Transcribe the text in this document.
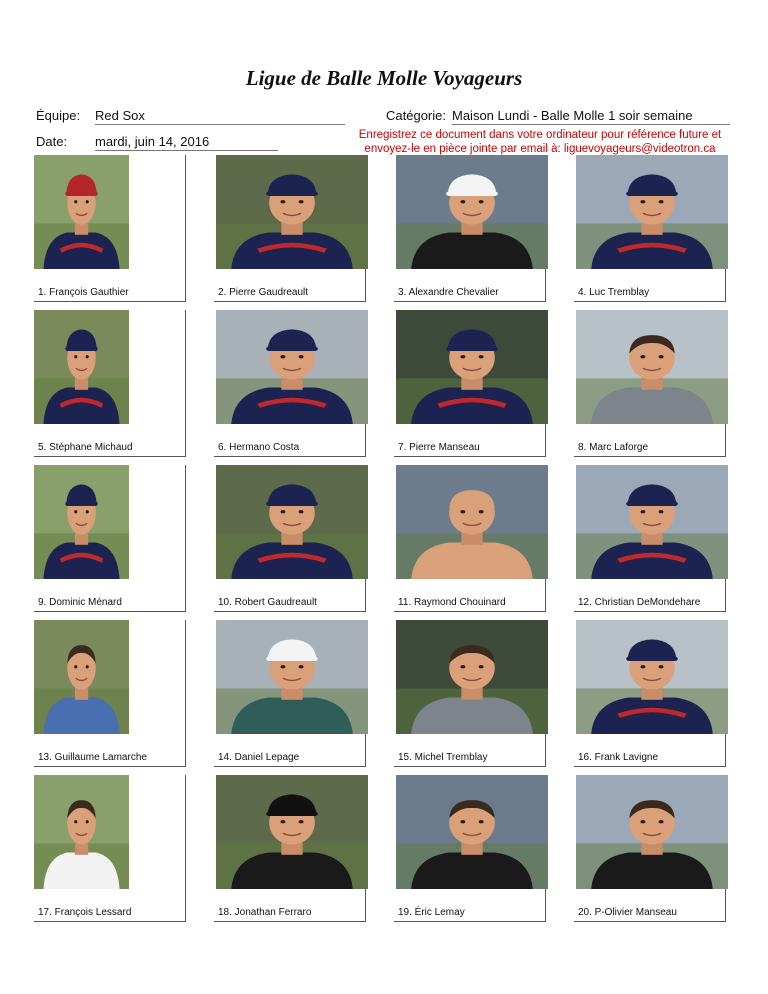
Ligue de Balle Molle Voyageurs
Équipe: Red Sox	Catégorie: Maison Lundi - Balle Molle 1 soir semaine
Date: mardi, juin 14, 2016	Enregistrez ce document dans votre ordinateur pour référence future et
envoyez-le en pièce jointe par email à: liguevoyageurs@videotron.ca
1. François Gauthier	2. Pierre Gaudreault	3. Alexandre Chevalier	4. Luc Tremblay
5. Stéphane Michaud	6. Hermano Costa	7. Pierre Manseau	8. Marc Laforge
9. Dominic Ménard	10. Robert Gaudreault	11. Raymond Chouinard	12. Christian DeMondehare
13. Guillaume Lamarche	14. Daniel Lepage	15. Michel Tremblay	16. Frank Lavigne
17. François Lessard	18. Jonathan Ferraro	19. Éric Lemay	20. P-Olivier Manseau
